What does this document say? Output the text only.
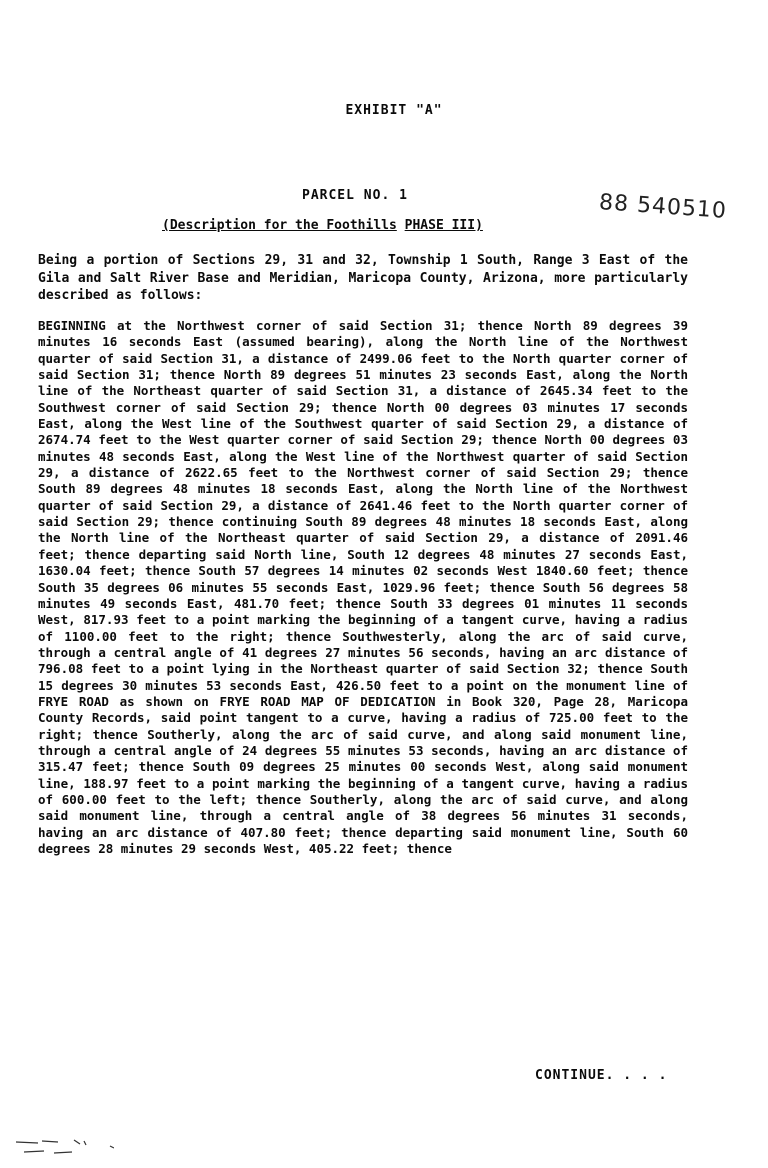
EXHIBIT "A"
PARCEL NO. 1	88 540510
(Description for the Foothills PHASE III)
Being a portion of Sections 29, 31 and 32, Township 1 South, Range 3 East of the Gila and Salt River Base and Meridian, Maricopa County, Arizona, more particularly described as follows:
BEGINNING at the Northwest corner of said Section 31; thence North 89 degrees 39 minutes 16 seconds East (assumed bearing), along the North line of the Northwest quarter of said Section 31, a distance of 2499.06 feet to the North quarter corner of said Section 31; thence North 89 degrees 51 minutes 23 seconds East, along the North line of the Northeast quarter of said Section 31, a distance of 2645.34 feet to the Southwest corner of said Section 29; thence North 00 degrees 03 minutes 17 seconds East, along the West line of the Southwest quarter of said Section 29, a distance of 2674.74 feet to the West quarter corner of said Section 29; thence North 00 degrees 03 minutes 48 seconds East, along the West line of the Northwest quarter of said Section 29, a distance of 2622.65 feet to the Northwest corner of said Section 29; thence South 89 degrees 48 minutes 18 seconds East, along the North line of the Northwest quarter of said Section 29, a distance of 2641.46 feet to the North quarter corner of said Section 29; thence continuing South 89 degrees 48 minutes 18 seconds East, along the North line of the Northeast quarter of said Section 29, a distance of 2091.46 feet; thence departing said North line, South 12 degrees 48 minutes 27 seconds East, 1630.04 feet; thence South 57 degrees 14 minutes 02 seconds West 1840.60 feet; thence South 35 degrees 06 minutes 55 seconds East, 1029.96 feet; thence South 56 degrees 58 minutes 49 seconds East, 481.70 feet; thence South 33 degrees 01 minutes 11 seconds West, 817.93 feet to a point marking the beginning of a tangent curve, having a radius of 1100.00 feet to the right; thence Southwesterly, along the arc of said curve, through a central angle of 41 degrees 27 minutes 56 seconds, having an arc distance of 796.08 feet to a point lying in the Northeast quarter of said Section 32; thence South 15 degrees 30 minutes 53 seconds East, 426.50 feet to a point on the monument line of FRYE ROAD as shown on FRYE ROAD MAP OF DEDICATION in Book 320, Page 28, Maricopa County Records, said point tangent to a curve, having a radius of 725.00 feet to the right; thence Southerly, along the arc of said curve, and along said monument line, through a central angle of 24 degrees 55 minutes 53 seconds, having an arc distance of 315.47 feet; thence South 09 degrees 25 minutes 00 seconds West, along said monument line, 188.97 feet to a point marking the beginning of a tangent curve, having a radius of 600.00 feet to the left; thence Southerly, along the arc of said curve, and along said monument line, through a central angle of 38 degrees 56 minutes 31 seconds, having an arc distance of 407.80 feet; thence departing said monument line, South 60 degrees 28 minutes 29 seconds West, 405.22 feet; thence
CONTINUE. . . .
